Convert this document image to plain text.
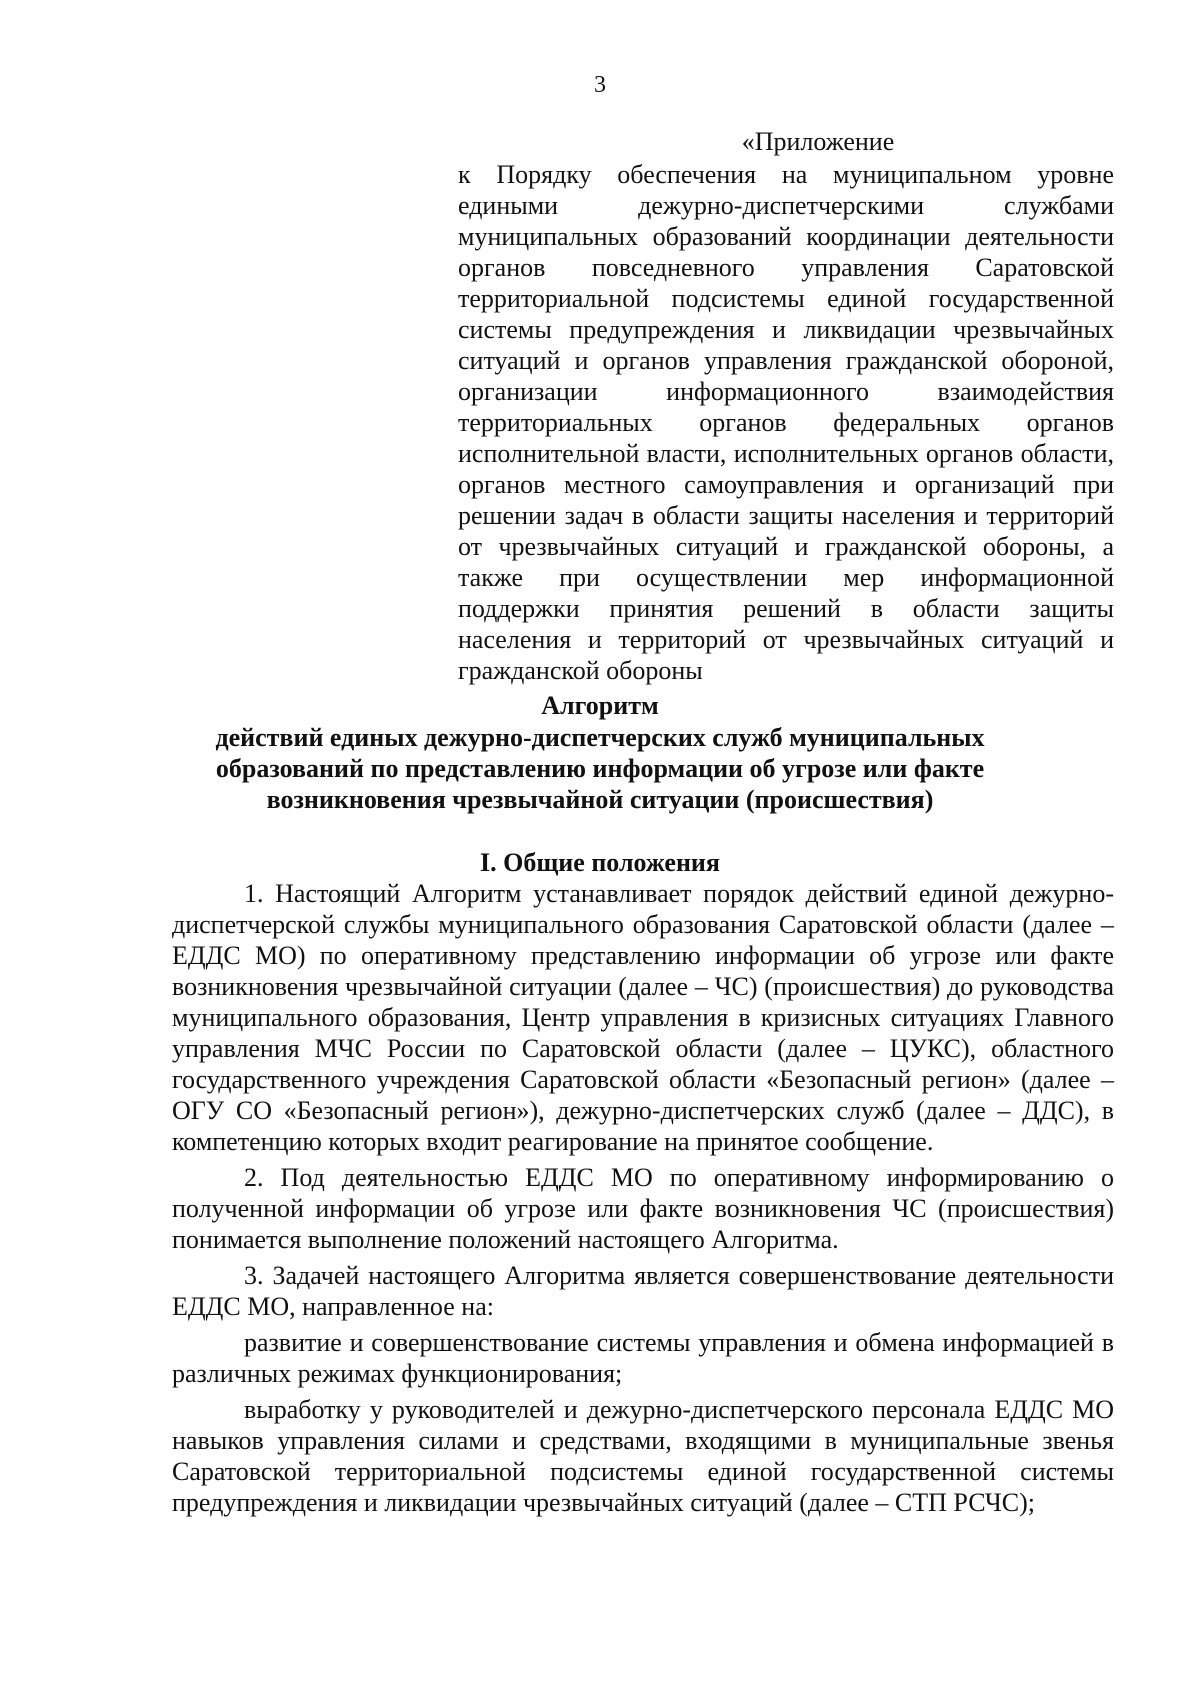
3

«Приложение

к Порядку обеспечения на муниципальном уровне едиными дежурно-диспетчерскими службами муниципальных образований координации деятельности органов повседневного управления Саратовской территориальной подсистемы единой государственной системы предупреждения и ликвидации чрезвычайных ситуаций и органов управления гражданской обороной, организации информационного взаимодействия территориальных органов федеральных органов исполнительной власти, исполнительных органов области, органов местного самоуправления и организаций при решении задач в области защиты населения и территорий от чрезвычайных ситуаций и гражданской обороны, а также при осуществлении мер информационной поддержки принятия решений в области защиты населения и территорий от чрезвычайных ситуаций и гражданской обороны

Алгоритм

действий единых дежурно-диспетчерских служб муниципальных

образований по представлению информации об угрозе или факте

возникновения чрезвычайной ситуации (происшествия)

I. Общие положения

1. Настоящий Алгоритм устанавливает порядок действий единой дежурно-диспетчерской службы муниципального образования Саратовской области (далее – ЕДДС МО) по оперативному представлению информации об угрозе или факте возникновения чрезвычайной ситуации (далее – ЧС) (происшествия) до руководства муниципального образования, Центр управления в кризисных ситуациях Главного управления МЧС России по Саратовской области (далее – ЦУКС), областного государственного учреждения Саратовской области «Безопасный регион» (далее – ОГУ СО «Безопасный регион»), дежурно-диспетчерских служб (далее – ДДС), в компетенцию которых входит реагирование на принятое сообщение.

2. Под деятельностью ЕДДС МО по оперативному информированию о полученной информации об угрозе или факте возникновения ЧС (происшествия) понимается выполнение положений настоящего Алгоритма.

3. Задачей настоящего Алгоритма является совершенствование деятельности ЕДДС МО, направленное на:

развитие и совершенствование системы управления и обмена информацией в различных режимах функционирования;

выработку у руководителей и дежурно-диспетчерского персонала ЕДДС МО навыков управления силами и средствами, входящими в муниципальные звенья Саратовской территориальной подсистемы единой государственной системы предупреждения и ликвидации чрезвычайных ситуаций (далее – СТП РСЧС);
